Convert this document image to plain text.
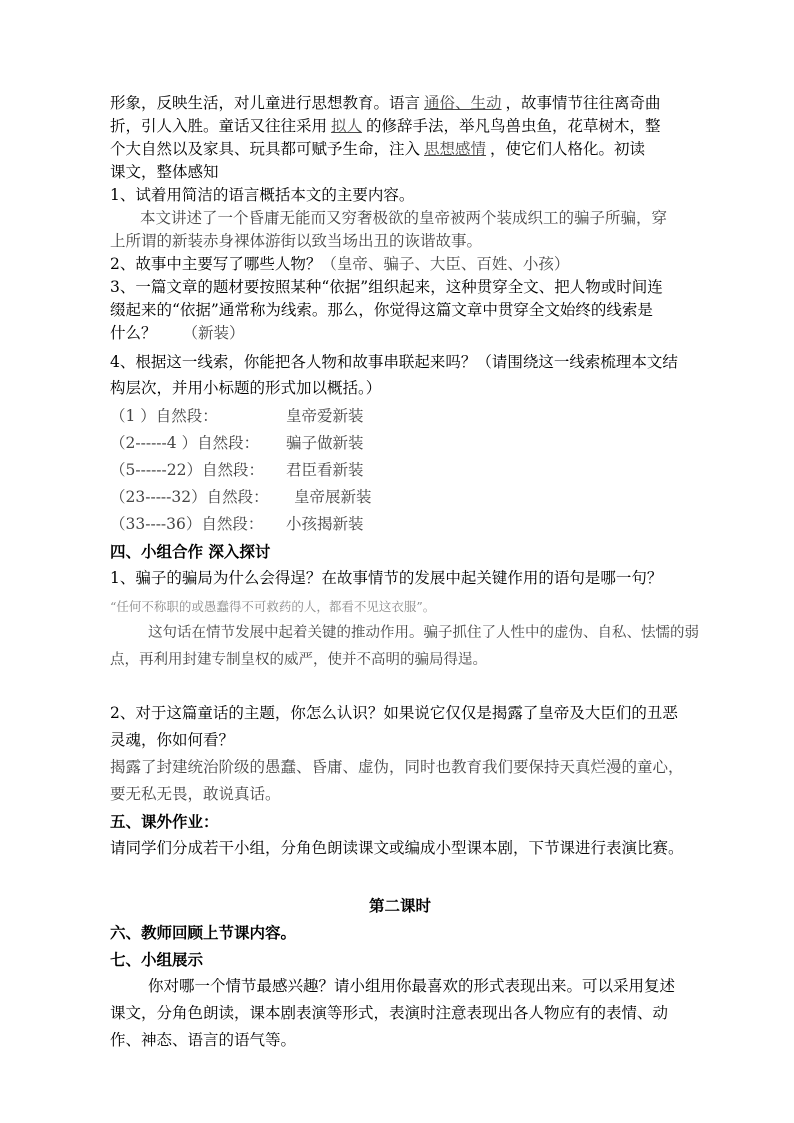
形象，反映生活，对儿童进行思想教育。语言 通俗、生动 ，故事情节往往离奇曲

折，引人入胜。童话又往往采用 拟人 的修辞手法，举凡鸟兽虫鱼，花草树木，整

个大自然以及家具、玩具都可赋予生命，注入 思想感情 ，使它们人格化。初读

课文，整体感知

1、试着用简洁的语言概括本文的主要内容。

本文讲述了一个昏庸无能而又穷奢极欲的皇帝被两个装成织工的骗子所骗，穿

上所谓的新装赤身裸体游街以致当场出丑的诙谐故事。

2、故事中主要写了哪些人物？（皇帝、骗子、大臣、百姓、小孩）

3、一篇文章的题材要按照某种“依据”组织起来，这种贯穿全文、把人物或时间连

缀起来的“依据”通常称为线索。那么，你觉得这篇文章中贯穿全文始终的线索是

什么？ （新装）

4、根据这一线索，你能把各人物和故事串联起来吗？（请围绕这一线索梳理本文结

构层次，并用小标题的形式加以概括。）

（1 ）自然段：	皇帝爱新装
（2------4 ）自然段： 骗子做新装
（5------22）自然段： 君臣看新装
（23-----32）自然段： 皇帝展新装
（33----36）自然段： 小孩揭新装

四、小组合作 深入探讨

1、骗子的骗局为什么会得逞？在故事情节的发展中起关键作用的语句是哪一句？

“任何不称职的或愚蠢得不可救药的人，都看不见这衣服”。

这句话在情节发展中起着关键的推动作用。骗子抓住了人性中的虚伪、自私、怯懦的弱

点，再利用封建专制皇权的威严，使并不高明的骗局得逞。

2、对于这篇童话的主题，你怎么认识？如果说它仅仅是揭露了皇帝及大臣们的丑恶

灵魂，你如何看？

揭露了封建统治阶级的愚蠢、昏庸、虚伪，同时也教育我们要保持天真烂漫的童心，

要无私无畏，敢说真话。

五、课外作业：

请同学们分成若干小组，分角色朗读课文或编成小型课本剧，下节课进行表演比赛。

第二课时

六、教师回顾上节课内容。

七、小组展示

你对哪一个情节最感兴趣？请小组用你最喜欢的形式表现出来。可以采用复述

课文，分角色朗读，课本剧表演等形式，表演时注意表现出各人物应有的表情、动

作、神态、语言的语气等。
